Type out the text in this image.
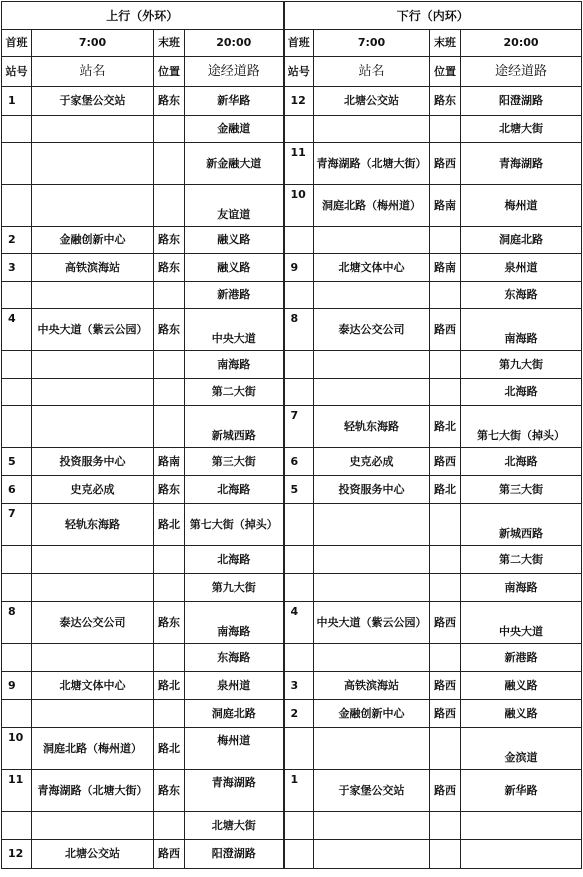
上行（外环）				下行（内环）			
首班	7:00	末班	20:00	首班	7:00	末班	20:00
站号	站名	位置	途经道路	站号	站名	位置	途经道路
1	于家堡公交站	路东	新华路	12	北塘公交站	路东	阳澄湖路
			金融道				北塘大街
			新金融大道	11	青海湖路（北塘大街）	路西	青海湖路
			友谊道	10	洞庭北路（梅州道）	路南	梅州道
2	金融创新中心	路东	融义路				洞庭北路
3	高铁滨海站	路东	融义路	9	北塘文体中心	路南	泉州道
			新港路				东海路
4	中央大道（紫云公园）	路东	中央大道	8	泰达公交公司	路西	南海路
			南海路				第九大街
			第二大街				北海路
			新城西路	7	轻轨东海路	路北	第七大街（掉头）
5	投资服务中心	路南	第三大街	6	史克必成	路西	北海路
6	史克必成	路东	北海路	5	投资服务中心	路北	第三大街
7	轻轨东海路	路北	第七大街（掉头）				新城西路
			北海路				第二大街
			第九大街				南海路
8	泰达公交公司	路东	南海路	4	中央大道（紫云公园）	路西	中央大道
			东海路				新港路
9	北塘文体中心	路北	泉州道	3	高铁滨海站	路西	融义路
			洞庭北路	2	金融创新中心	路西	融义路
10	洞庭北路（梅州道）	路北	梅州道				金滨道
11	青海湖路（北塘大街）	路东	青海湖路	1	于家堡公交站	路西	新华路
			北塘大街				
12	北塘公交站	路西	阳澄湖路				
